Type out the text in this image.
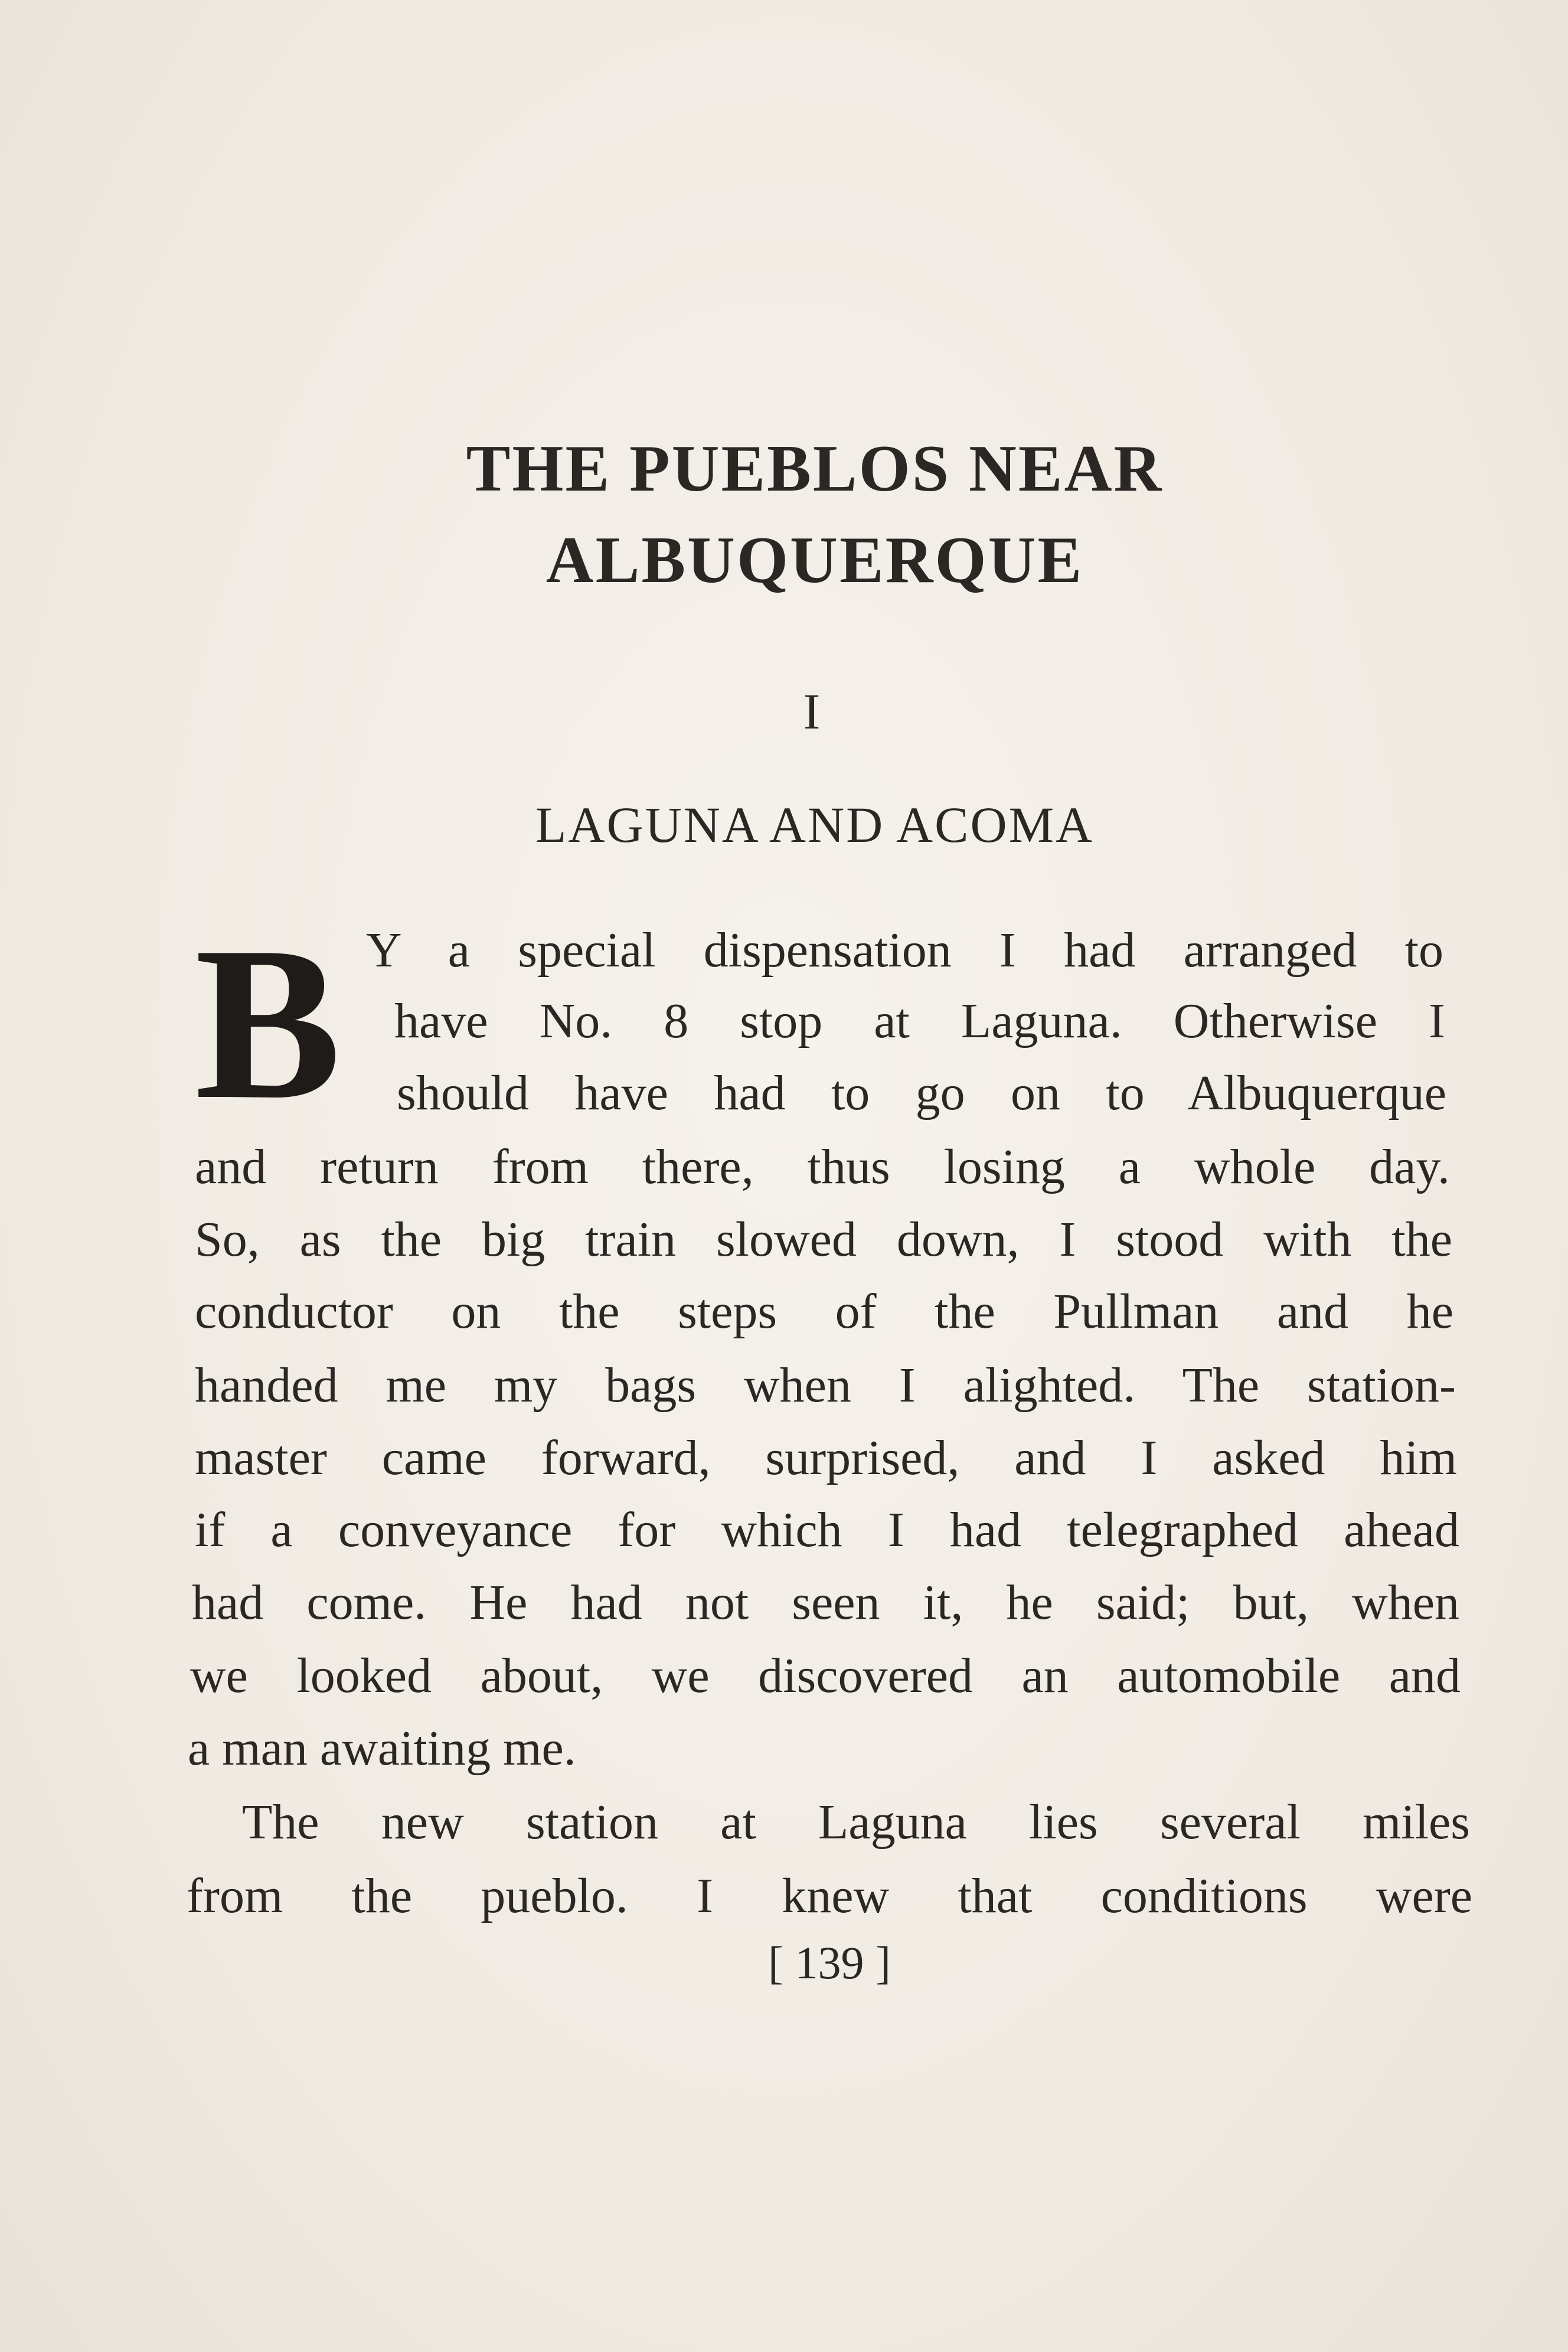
THE PUEBLOS NEAR
ALBUQUERQUE
I
LAGUNA AND ACOMA
B Y a special dispensation I had arranged to
have No. 8 stop at Laguna. Otherwise I
should have had to go on to Albuquerque
and return from there, thus losing a whole day.
So, as the big train slowed down, I stood with the
conductor on the steps of the Pullman and he
handed me my bags when I alighted. The station-
master came forward, surprised, and I asked him
if a conveyance for which I had telegraphed ahead
had come. He had not seen it, he said; but, when
we looked about, we discovered an automobile and
a man awaiting me.
The new station at Laguna lies several miles
from the pueblo. I knew that conditions were
[ 139 ]
